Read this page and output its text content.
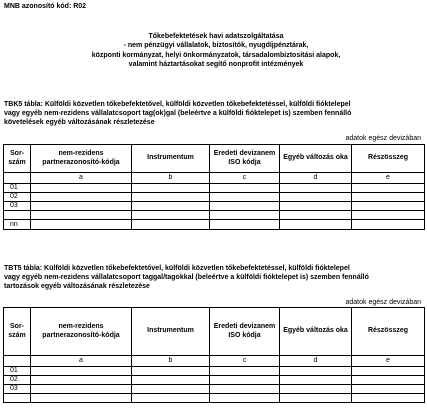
MNB azonosító kód: R02
Tőkebefektetések havi adatszolgáltatása
- nem pénzügyi vállalatok, biztosítók, nyugdíjpénztárak,
központi kormányzat, helyi önkormányzatok, társadalombiztosítási alapok,
valamint háztartásokat segítő nonprofit intézmények
TBK5 tábla: Külföldi közvetlen tőkebefektetővel, külföldi közvetlen tőkebefektetéssel, külföldi fióktelepel
vagy egyéb nem-rezidens vállalatcsoport tag(ok)gal (beleértve a külföldi fióktelepet is) szemben fennálló
követelések egyéb változásának részletezése
adatok egész devizában
Sor-szám	nem-rezidens partnerazonosító-kódja	Instrumentum	Eredeti devizanem ISO kódja	Egyéb változás oka	Részösszeg
	a	b	c	d	e
01					
02					
03					

nn					
TBT5 tábla: Külföldi közvetlen tőkebefektetővel, külföldi közvetlen tőkebefektetéssel, külföldi fióktelepel
vagy egyéb nem-rezidens vállalatcsoport taggal/tagokkal (beleértve a külföldi fióktelepet is) szemben fennálló
tartozások egyéb változásának részletezése
adatok egész devizában
Sor-szám	nem-rezidens partnerazonosító-kódja	Instrumentum	Eredeti devizanem ISO kódja	Egyéb változás oka	Részösszeg
	a	b	c	d	e
01					
02					
03					
